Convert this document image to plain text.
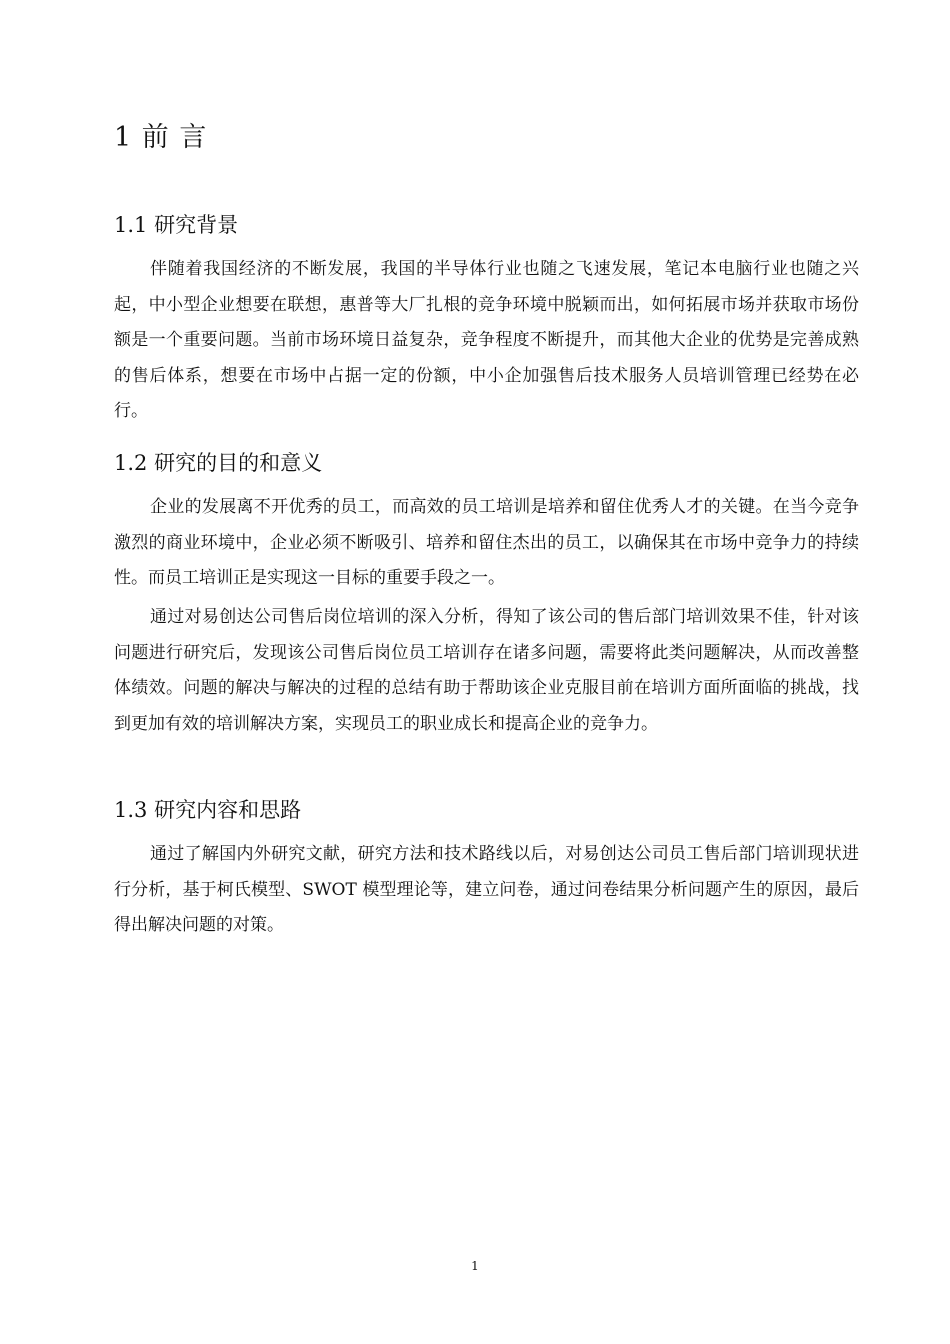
1 前 言
1.1 研究背景

伴随着我国经济的不断发展，我国的半导体行业也随之飞速发展，笔记本电脑行业也随之兴起，中小型企业想要在联想，惠普等大厂扎根的竞争环境中脱颖而出，如何拓展市场并获取市场份额是一个重要问题。当前市场环境日益复杂，竞争程度不断提升，而其他大企业的优势是完善成熟的售后体系，想要在市场中占据一定的份额，中小企加强售后技术服务人员培训管理已经势在必行。

1.2 研究的目的和意义

企业的发展离不开优秀的员工，而高效的员工培训是培养和留住优秀人才的关键。在当今竞争激烈的商业环境中，企业必须不断吸引、培养和留住杰出的员工，以确保其在市场中竞争力的持续性。而员工培训正是实现这一目标的重要手段之一。

通过对易创达公司售后岗位培训的深入分析，得知了该公司的售后部门培训效果不佳，针对该问题进行研究后，发现该公司售后岗位员工培训存在诸多问题，需要将此类问题解决，从而改善整体绩效。问题的解决与解决的过程的总结有助于帮助该企业克服目前在培训方面所面临的挑战，找到更加有效的培训解决方案，实现员工的职业成长和提高企业的竞争力。

1.3 研究内容和思路

通过了解国内外研究文献，研究方法和技术路线以后，对易创达公司员工售后部门培训现状进行分析，基于柯氏模型、SWOT 模型理论等，建立问卷，通过问卷结果分析问题产生的原因，最后得出解决问题的对策。

1
